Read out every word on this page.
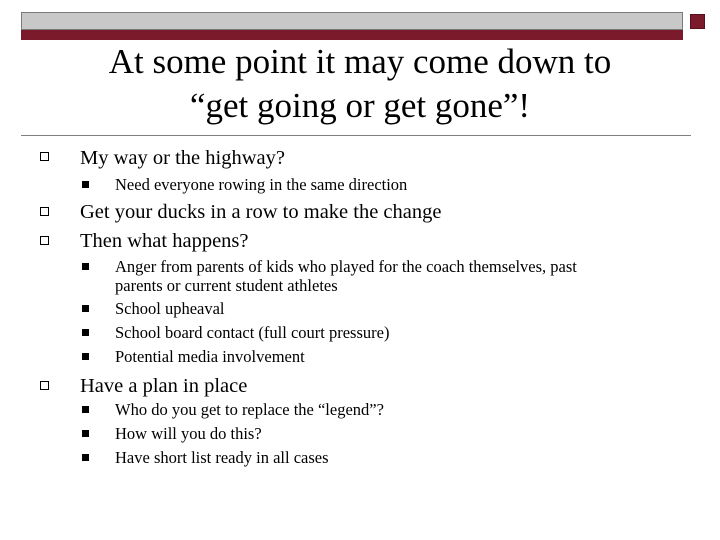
At some point it may come down to
“get going or get gone”!
My way or the highway?
Need everyone rowing in the same direction
Get your ducks in a row to make the change
Then what happens?
Anger from parents of kids who played for the coach themselves, past
parents or current student athletes
School upheaval
School board contact (full court pressure)
Potential media involvement
Have a plan in place
Who do you get to replace the “legend”?
How will you do this?
Have short list ready in all cases
